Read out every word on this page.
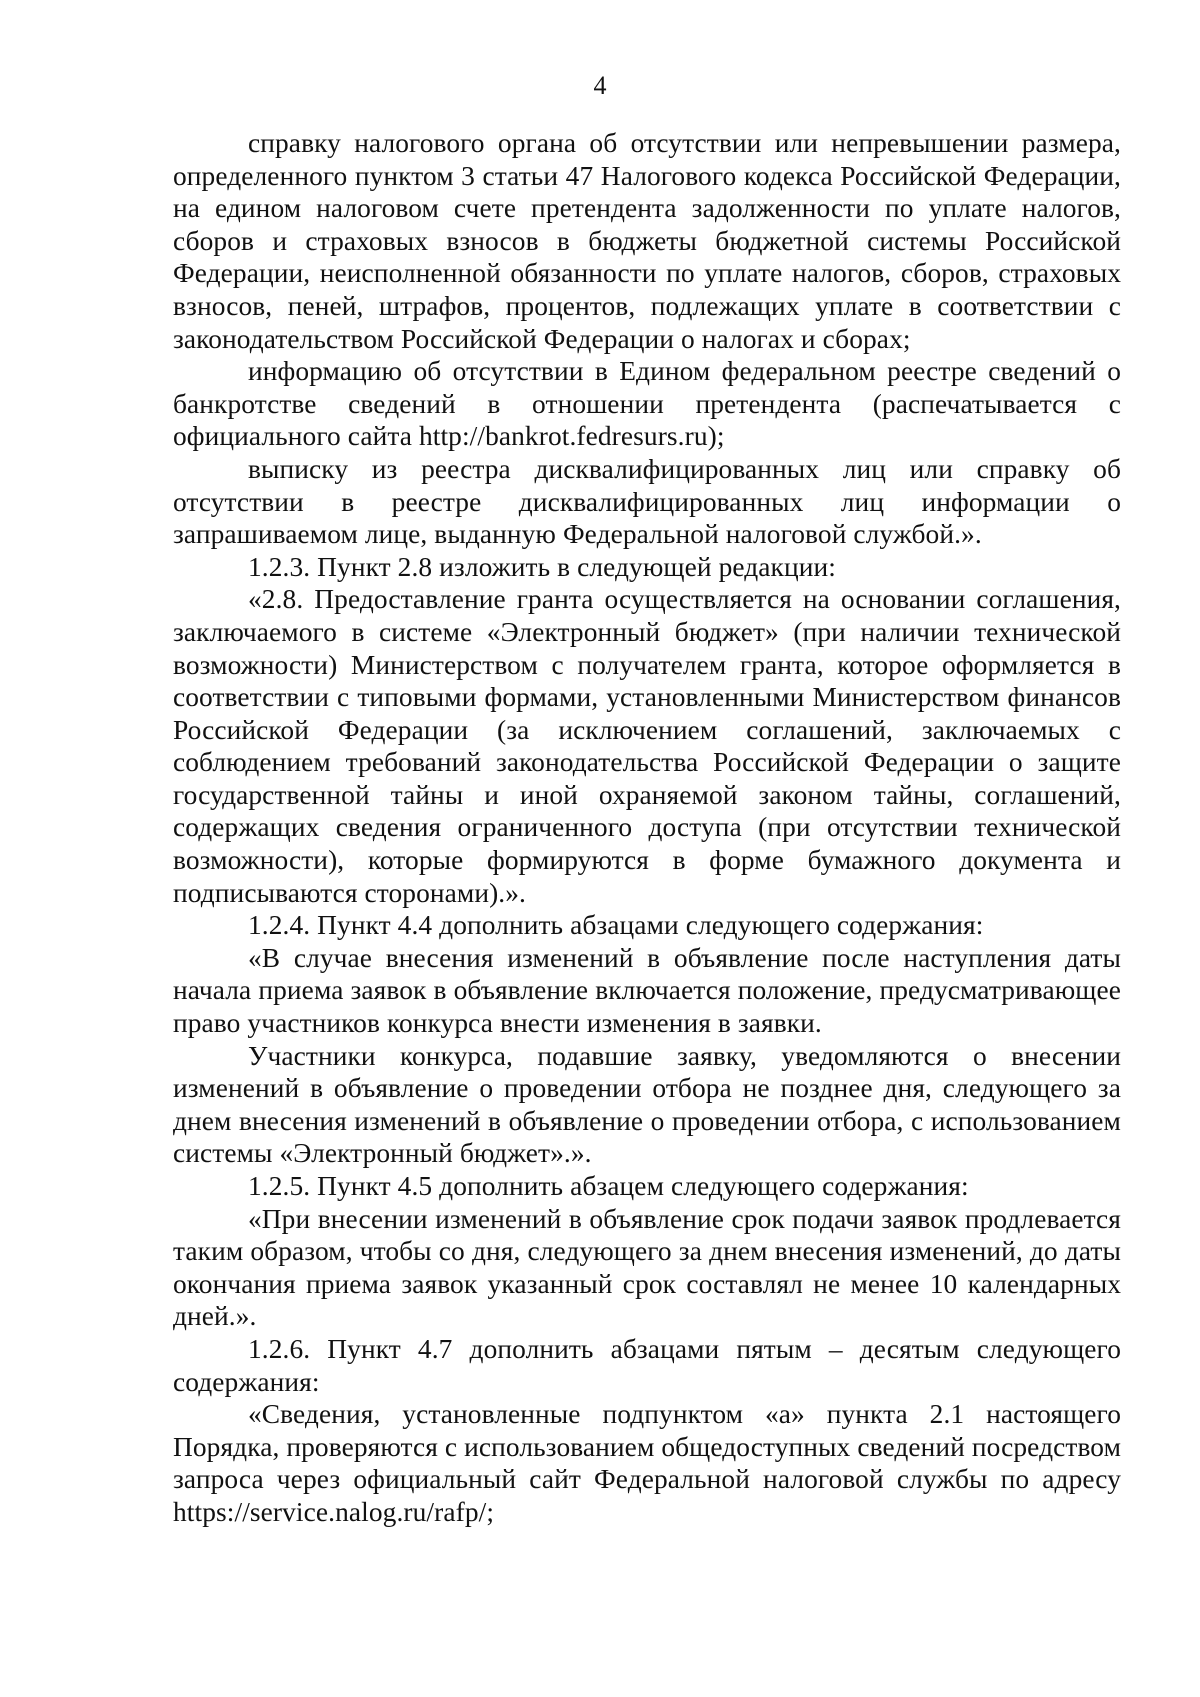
4

справку налогового органа об отсутствии или непревышении размера, определенного пунктом 3 статьи 47 Налогового кодекса Российской Федерации, на едином налоговом счете претендента задолженности по уплате налогов, сборов и страховых взносов в бюджеты бюджетной системы Российской Федерации, неисполненной обязанности по уплате налогов, сборов, страховых взносов, пеней, штрафов, процентов, подлежащих уплате в соответствии с законодательством Российской Федерации о налогах и сборах;

информацию об отсутствии в Едином федеральном реестре сведений о банкротстве сведений в отношении претендента (распечатывается с официального сайта http://bankrot.fedresurs.ru);

выписку из реестра дисквалифицированных лиц или справку об отсутствии в реестре дисквалифицированных лиц информации о запрашиваемом лице, выданную Федеральной налоговой службой.».

1.2.3. Пункт 2.8 изложить в следующей редакции:

«2.8. Предоставление гранта осуществляется на основании соглашения, заключаемого в системе «Электронный бюджет» (при наличии технической возможности) Министерством с получателем гранта, которое оформляется в соответствии с типовыми формами, установленными Министерством финансов Российской Федерации (за исключением соглашений, заключаемых с соблюдением требований законодательства Российской Федерации о защите государственной тайны и иной охраняемой законом тайны, соглашений, содержащих сведения ограниченного доступа (при отсутствии технической возможности), которые формируются в форме бумажного документа и подписываются сторонами).».

1.2.4. Пункт 4.4 дополнить абзацами следующего содержания:

«В случае внесения изменений в объявление после наступления даты начала приема заявок в объявление включается положение, предусматривающее право участников конкурса внести изменения в заявки.

Участники конкурса, подавшие заявку, уведомляются о внесении изменений в объявление о проведении отбора не позднее дня, следующего за днем внесения изменений в объявление о проведении отбора, с использованием системы «Электронный бюджет».».

1.2.5. Пункт 4.5 дополнить абзацем следующего содержания:

«При внесении изменений в объявление срок подачи заявок продлевается таким образом, чтобы со дня, следующего за днем внесения изменений, до даты окончания приема заявок указанный срок составлял не менее 10 календарных дней.».

1.2.6. Пункт 4.7 дополнить абзацами пятым – десятым следующего содержания:

«Сведения, установленные подпунктом «а» пункта 2.1 настоящего Порядка, проверяются с использованием общедоступных сведений посредством запроса через официальный сайт Федеральной налоговой службы по адресу https://service.nalog.ru/rafp/;
